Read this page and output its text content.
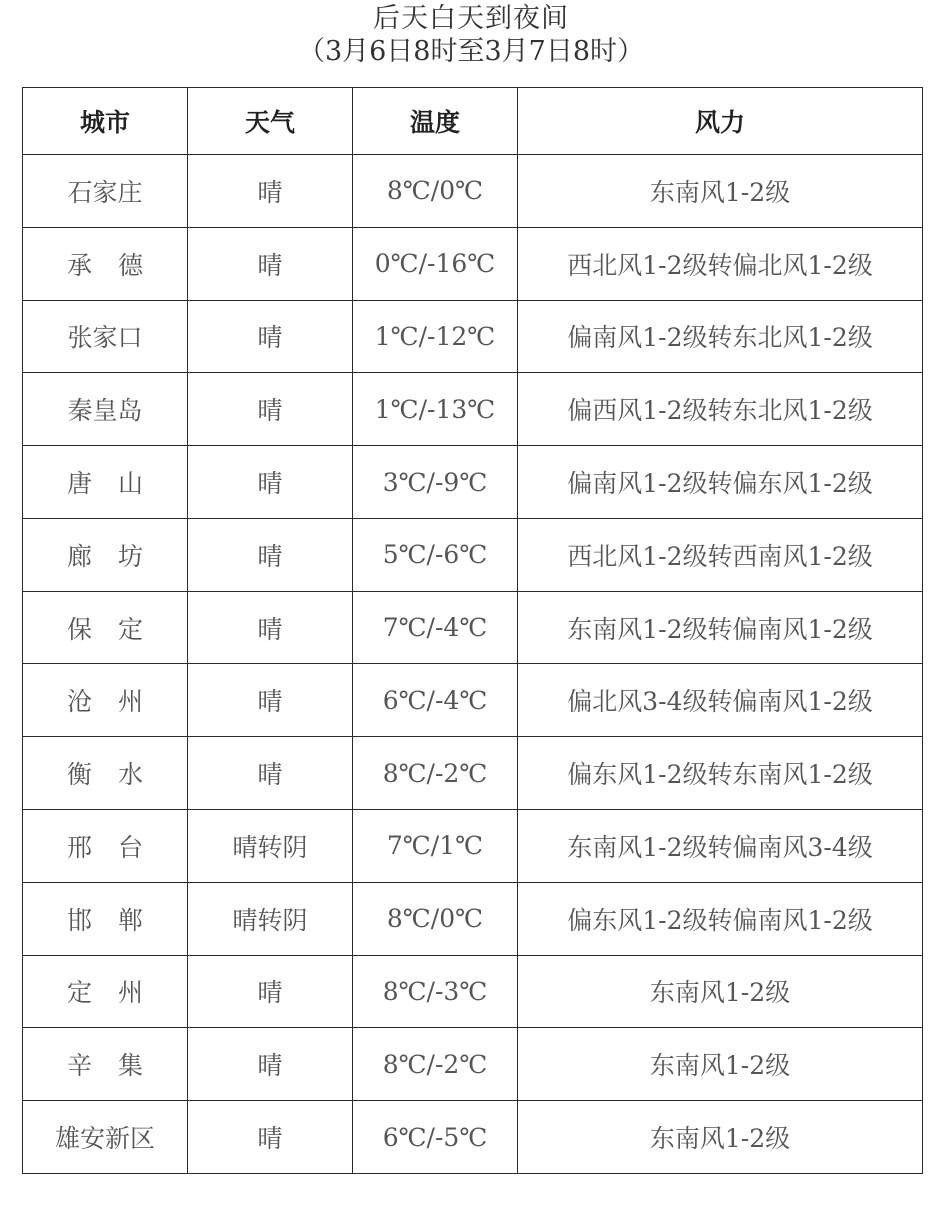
后天白天到夜间
（3月6日8时至3月7日8时）
城市	天气	温度	风力
石家庄	晴	8℃/0℃	东南风1-2级
承德	晴	0℃/-16℃	西北风1-2级转偏北风1-2级
张家口	晴	1℃/-12℃	偏南风1-2级转东北风1-2级
秦皇岛	晴	1℃/-13℃	偏西风1-2级转东北风1-2级
唐山	晴	3℃/-9℃	偏南风1-2级转偏东风1-2级
廊坊	晴	5℃/-6℃	西北风1-2级转西南风1-2级
保定	晴	7℃/-4℃	东南风1-2级转偏南风1-2级
沧州	晴	6℃/-4℃	偏北风3-4级转偏南风1-2级
衡水	晴	8℃/-2℃	偏东风1-2级转东南风1-2级
邢台	晴转阴	7℃/1℃	东南风1-2级转偏南风3-4级
邯郸	晴转阴	8℃/0℃	偏东风1-2级转偏南风1-2级
定州	晴	8℃/-3℃	东南风1-2级
辛集	晴	8℃/-2℃	东南风1-2级
雄安新区	晴	6℃/-5℃	东南风1-2级
